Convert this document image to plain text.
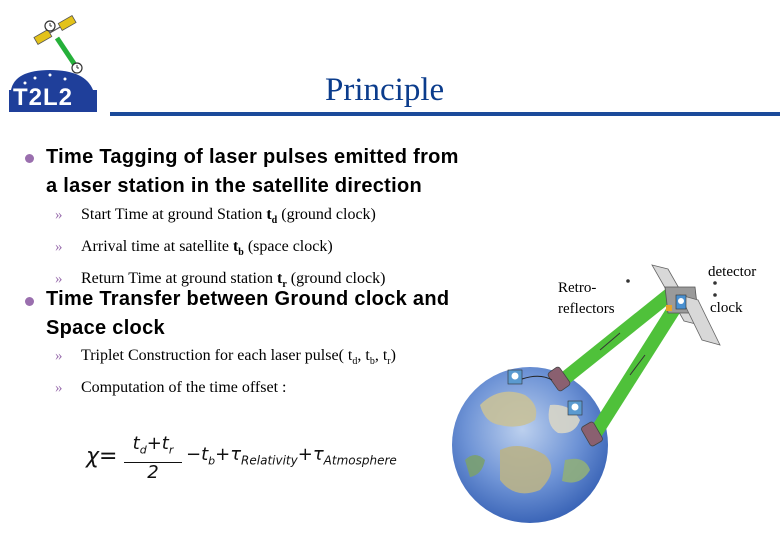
T2L2	Principle
Time Tagging of laser pulses emitted from
a laser station in the satellite direction
» Start Time at ground Station $t_d$ (ground clock)
» Arrival time at satellite $t_b$ (space clock)
» Return Time at ground station $t_r$ (ground clock)
Time Transfer between Ground clock and
Space clock
» Triplet Construction for each laser pulse( $t_d$, $t_b$, $t_r$)
» Computation of the time offset :
χ=
$t_d+t_r$
2
$-t_b+\tau_{Relativity}+\tau_{Atmosphere}$
Retro-
reflectors
detector
clock
